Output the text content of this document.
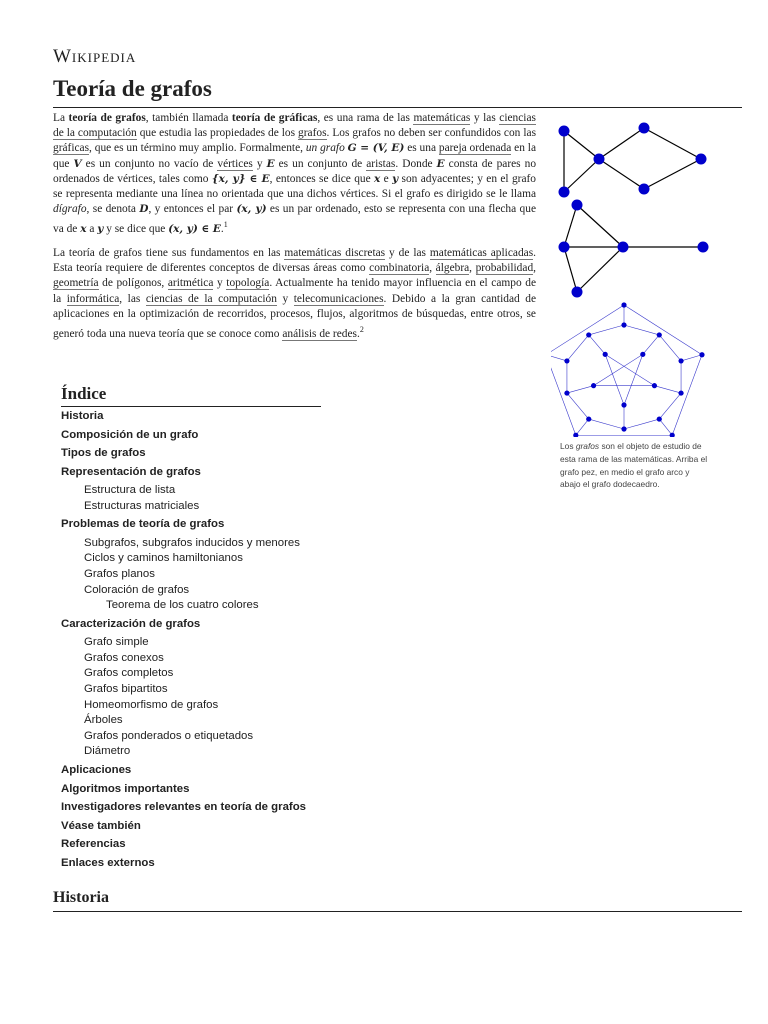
Wikipedia
Teoría de grafos

La teoría de grafos, también llamada teoría de gráficas, es una rama de las matemáticas y las ciencias de la computación que estudia las propiedades de los grafos. Los grafos no deben ser confundidos con las gráficas, que es un término muy amplio. Formalmente, un grafo G = (V, E) es una pareja ordenada en la que V es un conjunto no vacío de vértices y E es un conjunto de aristas. Donde E consta de pares no ordenados de vértices, tales como {x, y} ∈ E, entonces se dice que x e y son adyacentes; y en el grafo se representa mediante una línea no orientada que una dichos vértices. Si el grafo es dirigido se le llama dígrafo, se denota D, y entonces el par (x, y) es un par ordenado, esto se representa con una flecha que va de x a y y se dice que (x, y) ∈ E.$^1$

La teoría de grafos tiene sus fundamentos en las matemáticas discretas y de las matemáticas aplicadas. Esta teoría requiere de diferentes conceptos de diversas áreas como combinatoria, álgebra, probabilidad, geometría de polígonos, aritmética y topología. Actualmente ha tenido mayor influencia en el campo de la informática, las ciencias de la computación y telecomunicaciones. Debido a la gran cantidad de aplicaciones en la optimización de recorridos, procesos, flujos, algoritmos de búsquedas, entre otros, se generó toda una nueva teoría que se conoce como análisis de redes.$^2$

Los grafos son el objeto de estudio de esta rama de las matemáticas. Arriba el grafo pez, en medio el grafo arco y abajo el grafo dodecaedro.

Índice
Historia
Composición de un grafo
Tipos de grafos
Representación de grafos
Estructura de lista
Estructuras matriciales
Problemas de teoría de grafos
Subgrafos, subgrafos inducidos y menores
Ciclos y caminos hamiltonianos
Grafos planos
Coloración de grafos
Teorema de los cuatro colores
Caracterización de grafos
Grafo simple
Grafos conexos
Grafos completos
Grafos bipartitos
Homeomorfismo de grafos
Árboles
Grafos ponderados o etiquetados
Diámetro
Aplicaciones
Algoritmos importantes
Investigadores relevantes en teoría de grafos
Véase también
Referencias
Enlaces externos
Historia
